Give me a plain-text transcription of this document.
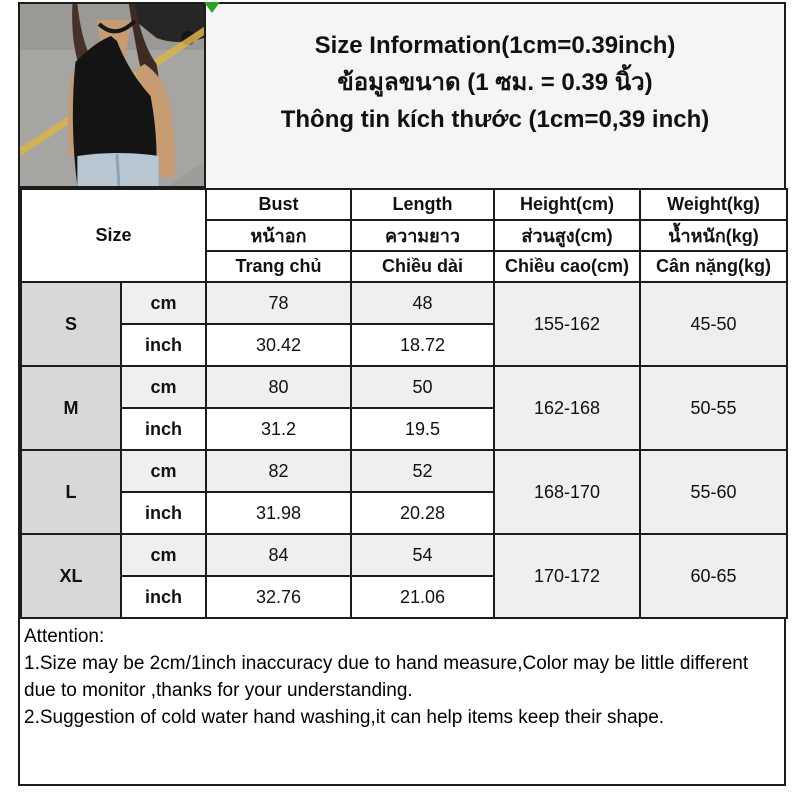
Size Information(1cm=0.39inch)
ข้อมูลขนาด (1 ซม. = 0.39 นิ้ว)
Thông tin kích thước (1cm=0,39 inch)
Size		Bust	Length	Height(cm)	Weight(kg)
		หน้าอก	ความยาว	ส่วนสูง(cm)	น้ำหนัก(kg)
		Trang chủ	Chiều dài	Chiều cao(cm)	Cân nặng(kg)
S	cm	78	48	155-162	45-50
	inch	30.42	18.72		
M	cm	80	50	162-168	50-55
	inch	31.2	19.5		
L	cm	82	52	168-170	55-60
	inch	31.98	20.28		
XL	cm	84	54	170-172	60-65
	inch	32.76	21.06		
Attention:
1.Size may be 2cm/1inch inaccuracy due to hand measure,Color may be little different due to monitor ,thanks for your understanding.
2.Suggestion of cold water hand washing,it can help items keep their shape.
